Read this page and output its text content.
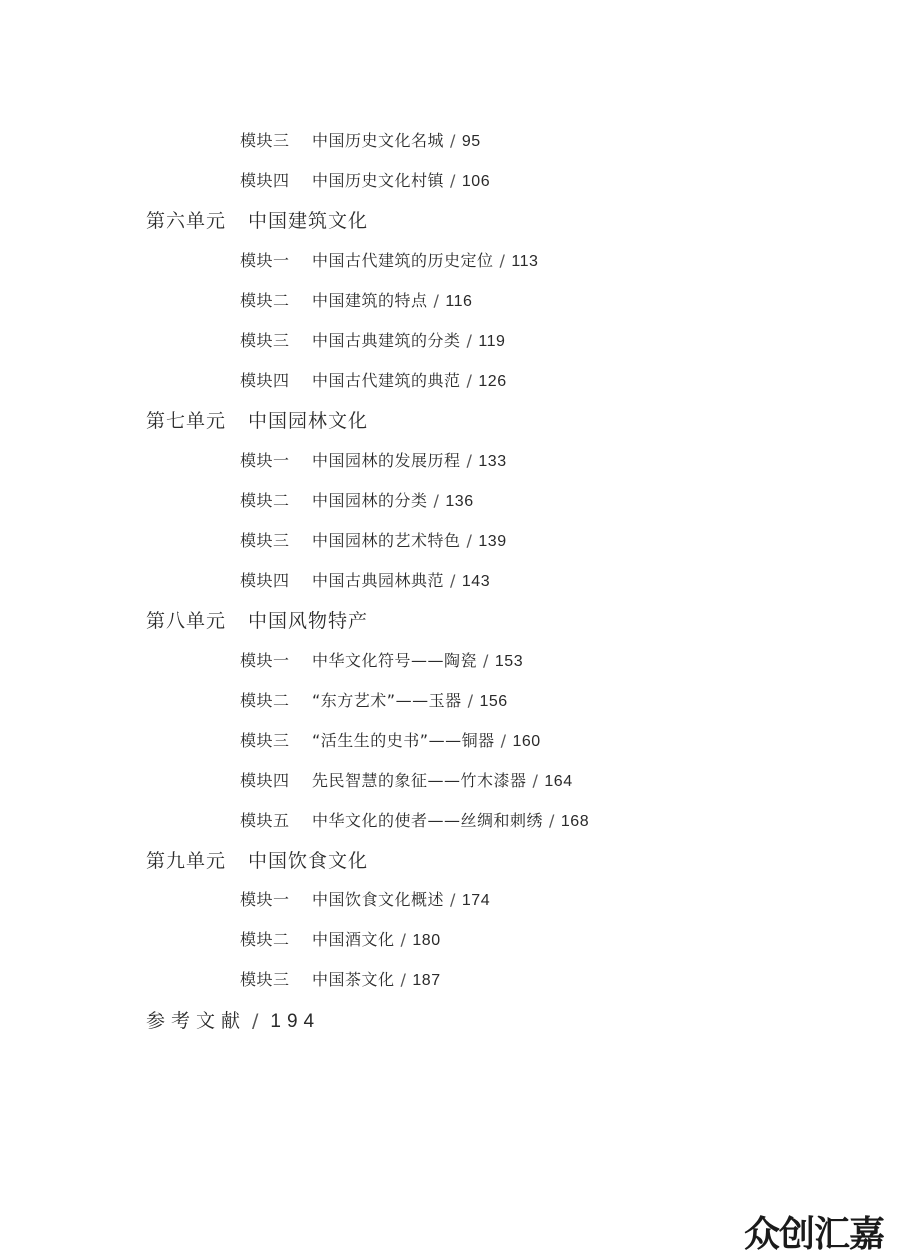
模块三 中国历史文化名城 / 95
模块四 中国历史文化村镇 / 106
第六单元 中国建筑文化
模块一 中国古代建筑的历史定位 / 113
模块二 中国建筑的特点 / 116
模块三 中国古典建筑的分类 / 119
模块四 中国古代建筑的典范 / 126
第七单元 中国园林文化
模块一 中国园林的发展历程 / 133
模块二 中国园林的分类 / 136
模块三 中国园林的艺术特色 / 139
模块四 中国古典园林典范 / 143
第八单元 中国风物特产
模块一 中华文化符号——陶瓷 / 153
模块二 “东方艺术”——玉器 / 156
模块三 “活生生的史书”——铜器 / 160
模块四 先民智慧的象征——竹木漆器 / 164
模块五 中华文化的使者——丝绸和刺绣 / 168
第九单元 中国饮食文化
模块一 中国饮食文化概述 / 174
模块二 中国酒文化 / 180
模块三 中国茶文化 / 187
参考文献 / 194
众创汇嘉
